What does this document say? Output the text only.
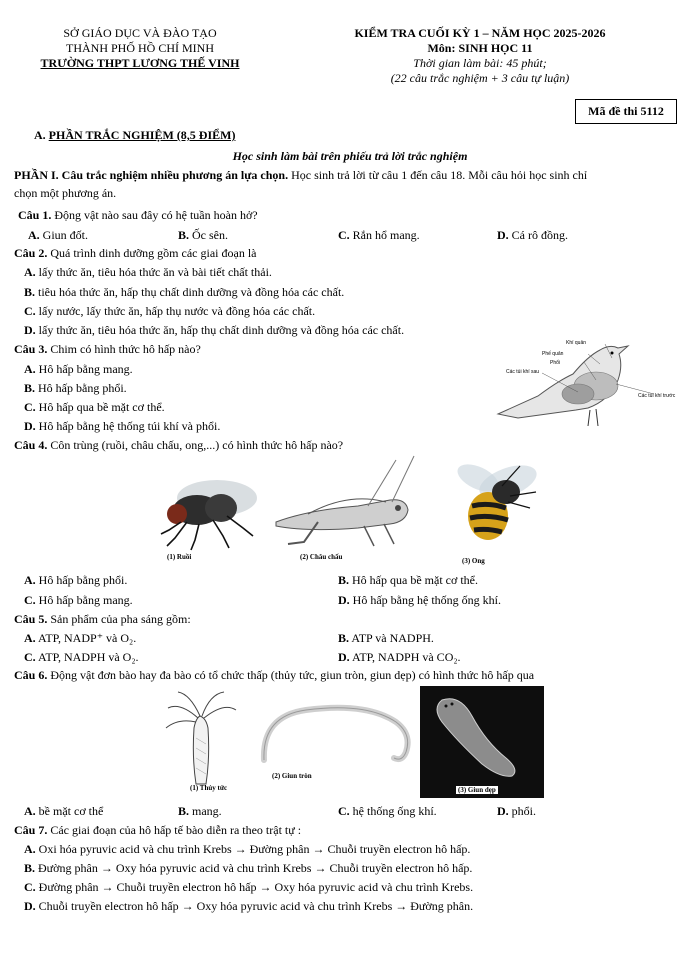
SỞ GIÁO DỤC VÀ ĐÀO TẠO
THÀNH PHỐ HỒ CHÍ MINH
TRƯỜNG THPT LƯƠNG THẾ VINH
KIỂM TRA CUỐI KỲ 1 – NĂM HỌC 2025-2026
Môn: SINH HỌC 11
Thời gian làm bài: 45 phút;
(22 câu trắc nghiệm + 3 câu tự luận)
Mã đề thi 5112
A. PHẦN TRẮC NGHIỆM (8,5 ĐIỂM)
Học sinh làm bài trên phiếu trả lời trắc nghiệm
PHẦN I. Câu trắc nghiệm nhiều phương án lựa chọn. Học sinh trả lời từ câu 1 đến câu 18. Mỗi câu hỏi học sinh chỉ
chọn một phương án.
Câu 1. Động vật nào sau đây có hệ tuần hoàn hở?
A. Giun đốt.	B. Ốc sên.	C. Rắn hổ mang.	D. Cá rô đồng.
Câu 2. Quá trình dinh dưỡng gồm các giai đoạn là
A. lấy thức ăn, tiêu hóa thức ăn và bài tiết chất thải.
B. tiêu hóa thức ăn, hấp thụ chất dinh dưỡng và đồng hóa các chất.
C. lấy nước, lấy thức ăn, hấp thụ nước và đồng hóa các chất.
D. lấy thức ăn, tiêu hóa thức ăn, hấp thụ chất dinh dưỡng và đồng hóa các chất.
Câu 3. Chim có hình thức hô hấp nào?
A. Hô hấp bằng mang.
B. Hô hấp bằng phổi.
C. Hô hấp qua bề mặt cơ thể.
D. Hô hấp bằng hệ thống túi khí và phổi.
Khí quản
Phế quản
Phổi
Các túi khí sau
Các túi khí trước
Câu 4. Côn trùng (ruồi, châu chấu, ong,...) có hình thức hô hấp nào?
(1) Ruồi	(2) Châu chấu	(3) Ong
A. Hô hấp bằng phổi.	B. Hô hấp qua bề mặt cơ thể.
C. Hô hấp bằng mang.	D. Hô hấp bằng hệ thống ống khí.
Câu 5. Sản phẩm của pha sáng gồm:
A. ATP, NADP⁺ và O₂.	B. ATP và NADPH.
C. ATP, NADPH và O₂.	D. ATP, NADPH và CO₂.
Câu 6. Động vật đơn bào hay đa bào có tổ chức thấp (thủy tức, giun tròn, giun dẹp) có hình thức hô hấp qua
(1) Thủy tức
(2) Giun tròn
(3) Giun dẹp
A. bề mặt cơ thể	B. mang.	C. hệ thống ống khí.	D. phổi.
Câu 7. Các giai đoạn của hô hấp tế bào diễn ra theo trật tự :
A. Oxi hóa pyruvic acid và chu trình Krebs → Đường phân → Chuỗi truyền electron hô hấp.
B. Đường phân → Oxy hóa pyruvic acid và chu trình Krebs → Chuỗi truyền electron hô hấp.
C. Đường phân → Chuỗi truyền electron hô hấp → Oxy hóa pyruvic acid và chu trình Krebs.
D. Chuỗi truyền electron hô hấp → Oxy hóa pyruvic acid và chu trình Krebs → Đường phân.
